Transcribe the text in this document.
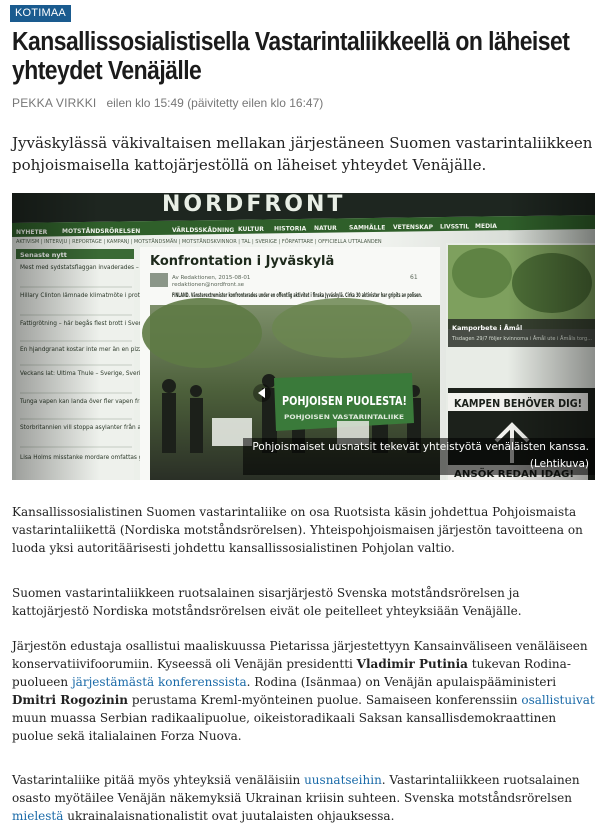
KOTIMAA
Kansallissosialistisella Vastarintaliikkeellä on läheiset yhteydet Venäjälle
PEKKA VIRKKI eilen klo 15:49 (päivitetty eilen klo 16:47)

Jyväskylässä väkivaltaisen mellakan järjestäneen Suomen vastarintaliikkeen pohjoismaisella kattojärjestöllä on läheiset yhteydet Venäjälle.

Pohjoismaiset uusnatsit tekevät yhteistyötä venäläisten kanssa.
(Lehtikuva)

Kansallissosialistinen Suomen vastarintaliike on osa Ruotsista käsin johdettua Pohjoismaista vastarintaliikettä (Nordiska motståndsrörelsen). Yhteispohjoismaisen järjestön tavoitteena on luoda yksi autoritäärisesti johdettu kansallissosialistinen Pohjolan valtio.

Suomen vastarintaliikkeen ruotsalainen sisarjärjestö Svenska motståndsrörelsen ja kattojärjestö Nordiska motståndsrörelsen eivät ole peitelleet yhteyksiään Venäjälle.

Järjestön edustaja osallistui maaliskuussa Pietarissa järjestettyyn Kansainväliseen venäläiseen konservatiivifoorumiin. Kyseessä oli Venäjän presidentti Vladimir Putinia tukevan Rodina-puolueen järjestämästä konferenssista. Rodina (Isänmaa) on Venäjän apulaispääministeri Dmitri Rogozinin perustama Kreml-myönteinen puolue. Samaiseen konferenssiin osallistuivat muun muassa Serbian radikaalipuolue, oikeistoradikaali Saksan kansallisdemokraattinen puolue sekä italialainen Forza Nuova.

Vastarintaliike pitää myös yhteyksiä venäläisiin uusnatseihin. Vastarintaliikkeen ruotsalainen osasto myötäilee Venäjän näkemyksiä Ukrainan kriisin suhteen. Svenska motståndsrörelsen mielestä ukrainalaisnationalistit ovat juutalaisten ohjauksessa.
